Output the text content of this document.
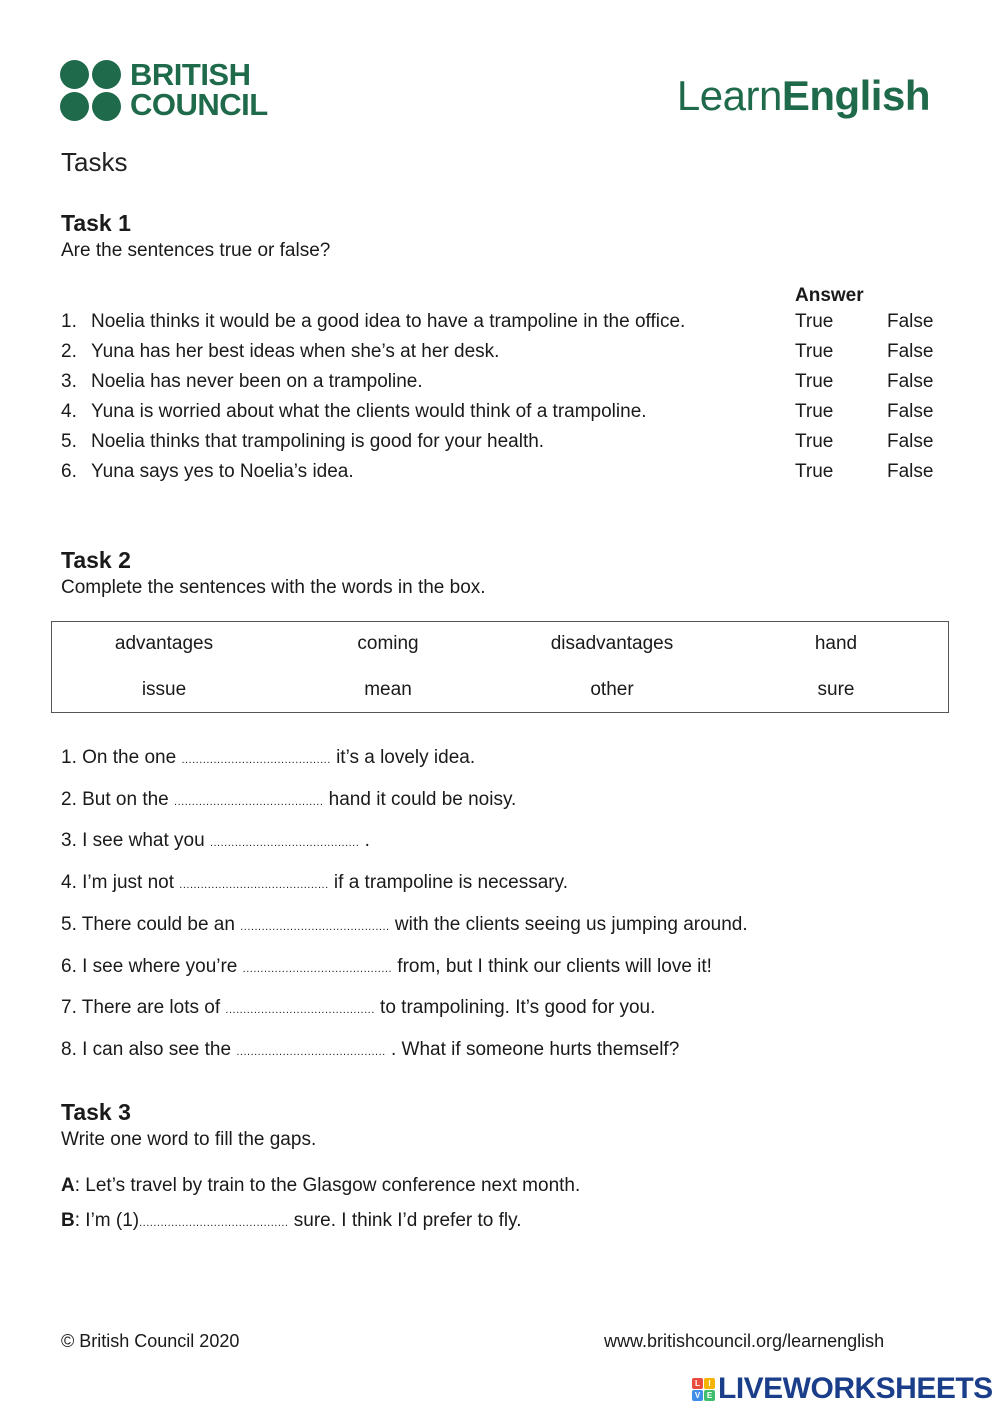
BRITISH
COUNCIL	LearnEnglish
Tasks
Task 1
Are the sentences true or false?
Answer
1. Noelia thinks it would be a good idea to have a trampoline in the office.	True	False
2. Yuna has her best ideas when she’s at her desk.	True	False
3. Noelia has never been on a trampoline.	True	False
4. Yuna is worried about what the clients would think of a trampoline.	True	False
5. Noelia thinks that trampolining is good for your health.	True	False
6. Yuna says yes to Noelia’s idea.	True	False
Task 2
Complete the sentences with the words in the box.
advantages	coming	disadvantages	hand
issue	mean	other	sure
1. On the one .......................................... it’s a lovely idea.
2. But on the .......................................... hand it could be noisy.
3. I see what you .......................................... .
4. I’m just not .......................................... if a trampoline is necessary.
5. There could be an .......................................... with the clients seeing us jumping around.
6. I see where you’re .......................................... from, but I think our clients will love it!
7. There are lots of .......................................... to trampolining. It’s good for you.
8. I can also see the .......................................... . What if someone hurts themself?
Task 3
Write one word to fill the gaps.
A: Let’s travel by train to the Glasgow conference next month.
B: I’m (1).......................................... sure. I think I’d prefer to fly.
© British Council 2020	www.britishcouncil.org/learnenglish
L	I
V E LIVEWORKSHEETS
